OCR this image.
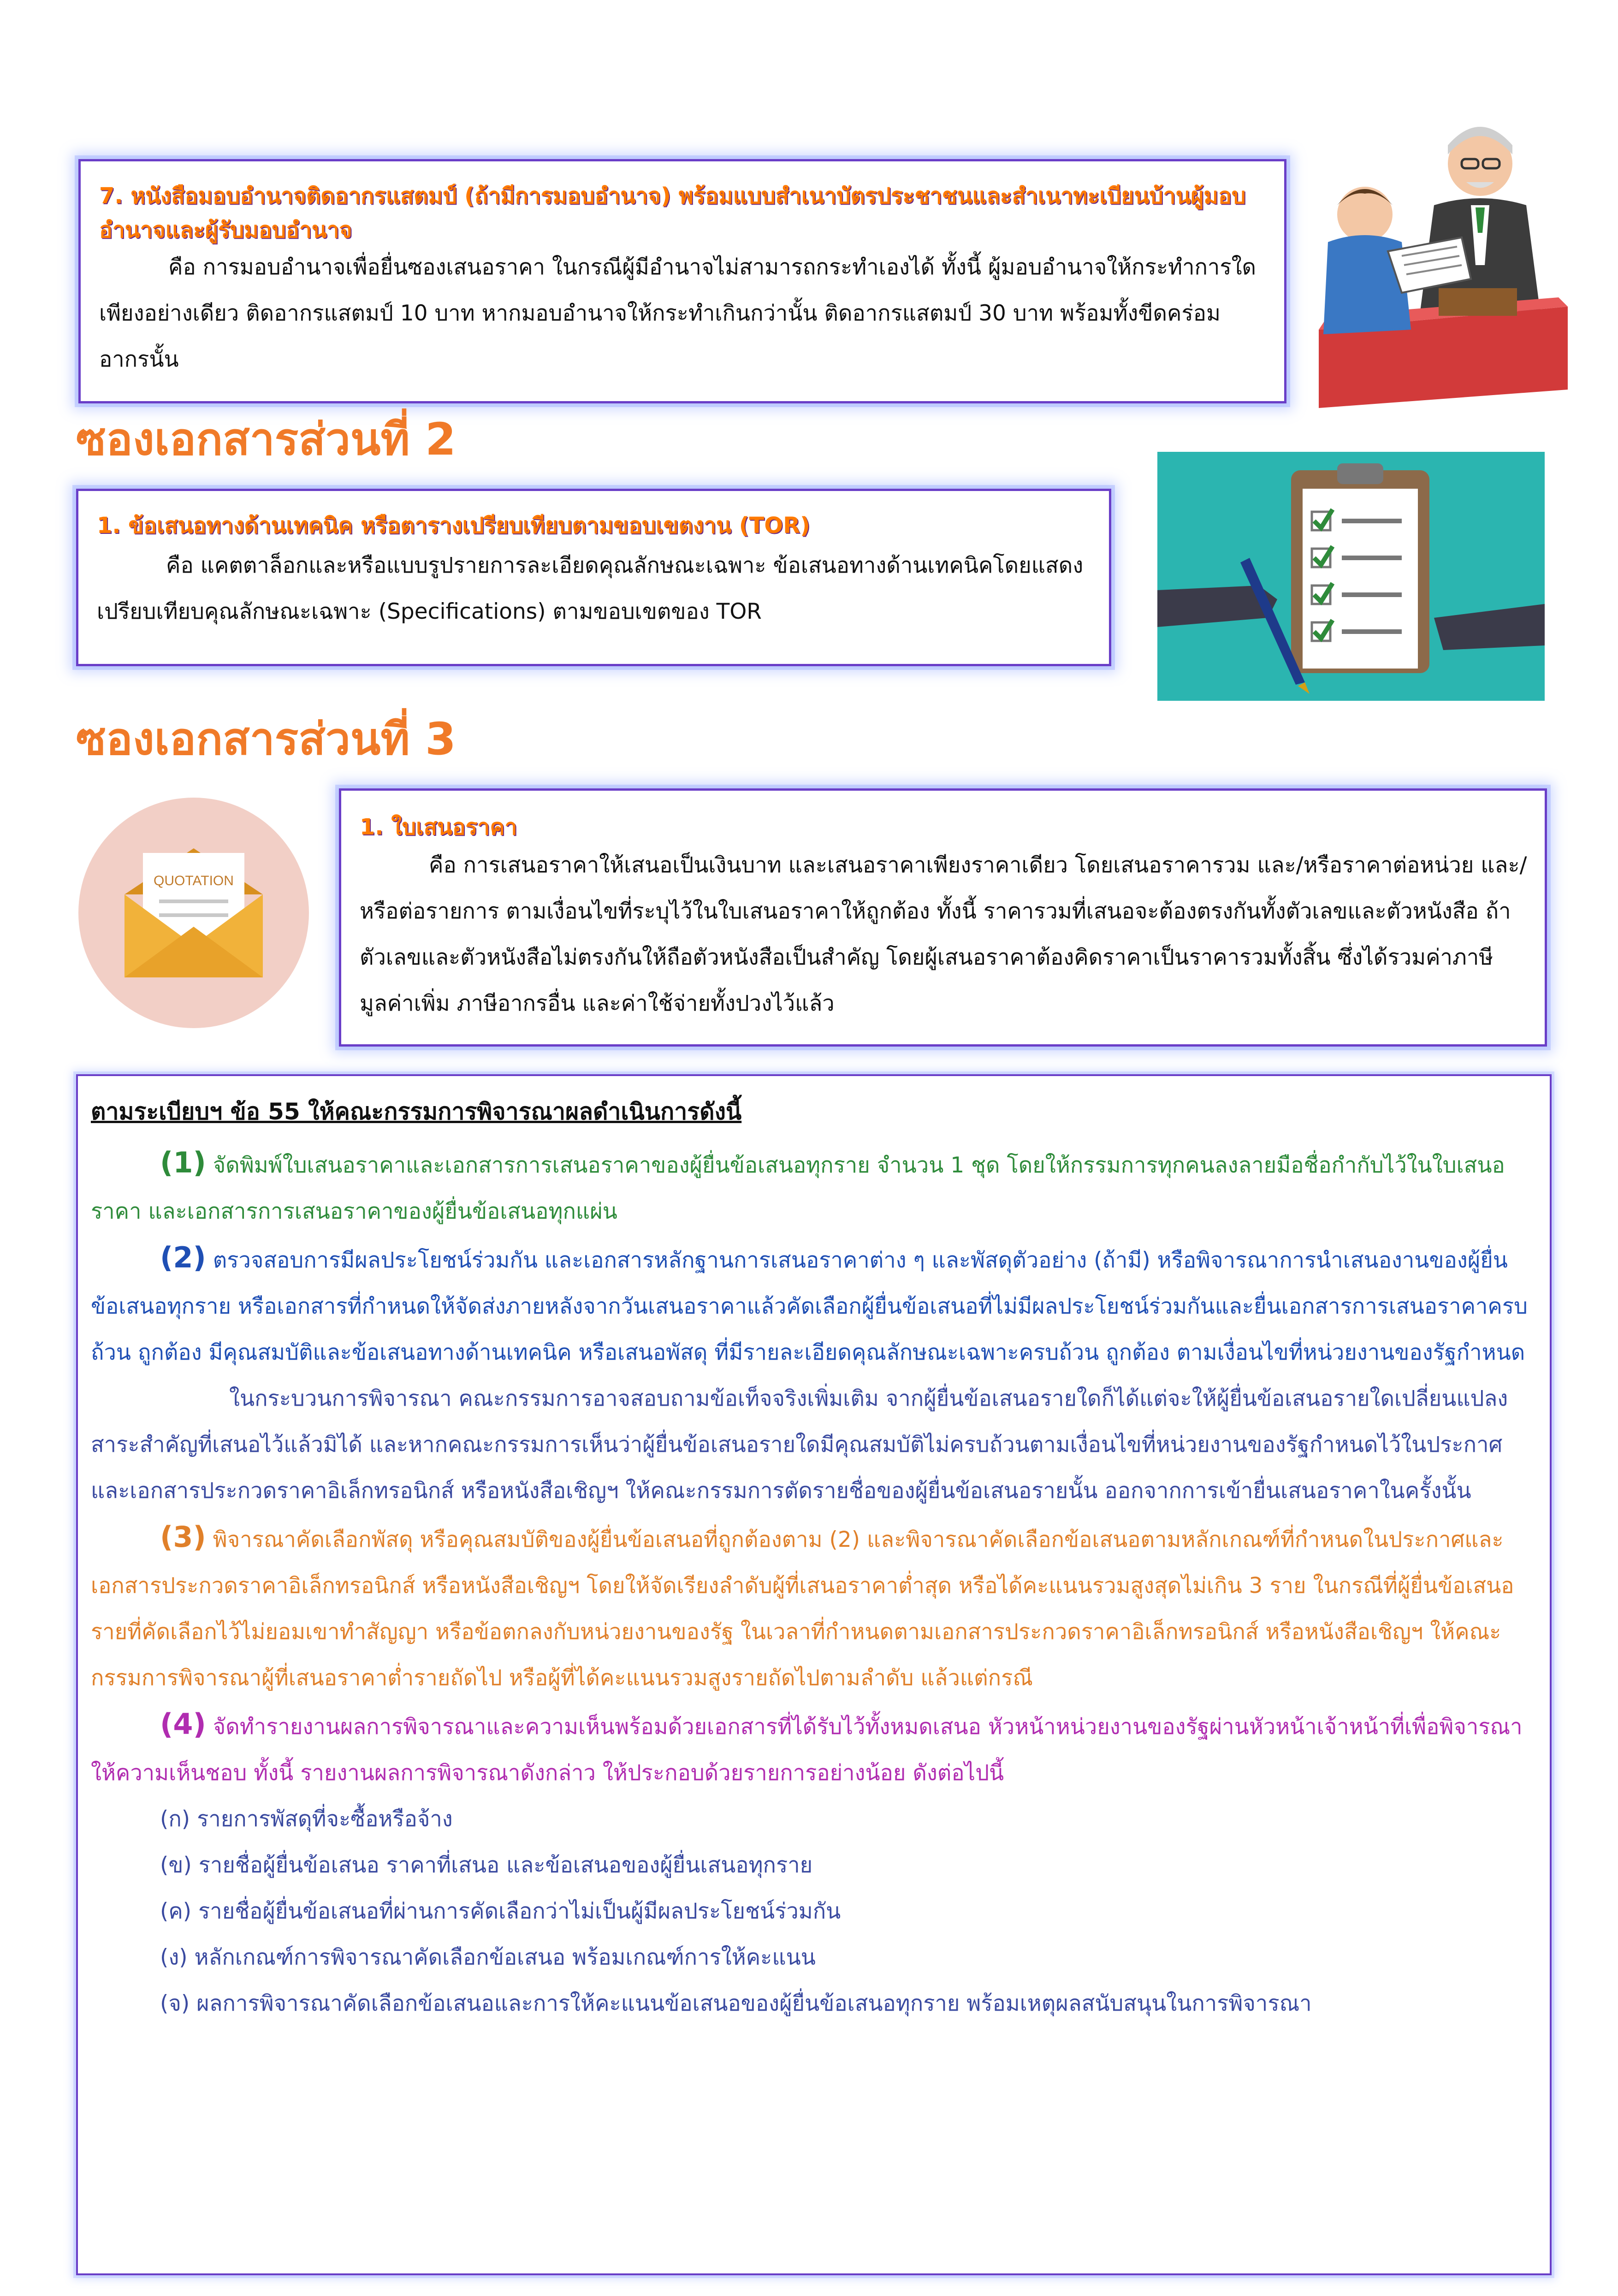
7. หนังสือมอบอำนาจติดอากรแสตมป์ (ถ้ามีการมอบอำนาจ) พร้อมแบบสำเนาบัตรประชาชนและสำเนาทะเบียนบ้านผู้มอบอำนาจและผู้รับมอบอำนาจ
คือ การมอบอำนาจเพื่อยื่นซองเสนอราคา ในกรณีผู้มีอำนาจไม่สามารถกระทำเองได้ ทั้งนี้ ผู้มอบอำนาจให้กระทำการใดเพียงอย่างเดียว ติดอากรแสตมป์ 10 บาท หากมอบอำนาจให้กระทำเกินกว่านั้น ติดอากรแสตมป์ 30 บาท พร้อมทั้งขีดคร่อมอากรนั้น
ซองเอกสารส่วนที่ 2
1. ข้อเสนอทางด้านเทคนิค หรือตารางเปรียบเทียบตามขอบเขตงาน (TOR)
คือ แคตตาล็อกและหรือแบบรูปรายการละเอียดคุณลักษณะเฉพาะ ข้อเสนอทางด้านเทคนิคโดยแสดงเปรียบเทียบคุณลักษณะเฉพาะ (Specifications) ตามขอบเขตของ TOR
ซองเอกสารส่วนที่ 3
QUOTATION
1. ใบเสนอราคา
คือ การเสนอราคาให้เสนอเป็นเงินบาท และเสนอราคาเพียงราคาเดียว โดยเสนอราคารวม และ/หรือราคาต่อหน่วย และ/หรือต่อรายการ ตามเงื่อนไขที่ระบุไว้ในใบเสนอราคาให้ถูกต้อง ทั้งนี้ ราคารวมที่เสนอจะต้องตรงกันทั้งตัวเลขและตัวหนังสือ ถ้าตัวเลขและตัวหนังสือไม่ตรงกันให้ถือตัวหนังสือเป็นสำคัญ โดยผู้เสนอราคาต้องคิดราคาเป็นราคารวมทั้งสิ้น ซึ่งได้รวมค่าภาษีมูลค่าเพิ่ม ภาษีอากรอื่น และค่าใช้จ่ายทั้งปวงไว้แล้ว

ตามระเบียบฯ ข้อ 55 ให้คณะกรรมการพิจารณาผลดำเนินการดังนี้

(1) จัดพิมพ์ใบเสนอราคาและเอกสารการเสนอราคาของผู้ยื่นข้อเสนอทุกราย จำนวน 1 ชุด โดยให้กรรมการทุกคนลงลายมือชื่อกำกับไว้ในใบเสนอราคา และเอกสารการเสนอราคาของผู้ยื่นข้อเสนอทุกแผ่น

(2) ตรวจสอบการมีผลประโยชน์ร่วมกัน และเอกสารหลักฐานการเสนอราคาต่าง ๆ และพัสดุตัวอย่าง (ถ้ามี) หรือพิจารณาการนำเสนองานของผู้ยื่นข้อเสนอทุกราย หรือเอกสารที่กำหนดให้จัดส่งภายหลังจากวันเสนอราคาแล้วคัดเลือกผู้ยื่นข้อเสนอที่ไม่มีผลประโยชน์ร่วมกันและยื่นเอกสารการเสนอราคาครบถ้วน ถูกต้อง มีคุณสมบัติและข้อเสนอทางด้านเทคนิค หรือเสนอพัสดุ ที่มีรายละเอียดคุณลักษณะเฉพาะครบถ้วน ถูกต้อง ตามเงื่อนไขที่หน่วยงานของรัฐกำหนด

ในกระบวนการพิจารณา คณะกรรมการอาจสอบถามข้อเท็จจริงเพิ่มเติม จากผู้ยื่นข้อเสนอรายใดก็ได้แต่จะให้ผู้ยื่นข้อเสนอรายใดเปลี่ยนแปลงสาระสำคัญที่เสนอไว้แล้วมิได้ และหากคณะกรรมการเห็นว่าผู้ยื่นข้อเสนอรายใดมีคุณสมบัติไม่ครบถ้วนตามเงื่อนไขที่หน่วยงานของรัฐกำหนดไว้ในประกาศและเอกสารประกวดราคาอิเล็กทรอนิกส์ หรือหนังสือเชิญฯ ให้คณะกรรมการตัดรายชื่อของผู้ยื่นข้อเสนอรายนั้น ออกจากการเข้ายื่นเสนอราคาในครั้งนั้น

(3) พิจารณาคัดเลือกพัสดุ หรือคุณสมบัติของผู้ยื่นข้อเสนอที่ถูกต้องตาม (2) และพิจารณาคัดเลือกข้อเสนอตามหลักเกณฑ์ที่กำหนดในประกาศและเอกสารประกวดราคาอิเล็กทรอนิกส์ หรือหนังสือเชิญฯ โดยให้จัดเรียงลำดับผู้ที่เสนอราคาต่ำสุด หรือได้คะแนนรวมสูงสุดไม่เกิน 3 ราย ในกรณีที่ผู้ยื่นข้อเสนอรายที่คัดเลือกไว้ไม่ยอมเขาทำสัญญา หรือข้อตกลงกับหน่วยงานของรัฐ ในเวลาที่กำหนดตามเอกสารประกวดราคาอิเล็กทรอนิกส์ หรือหนังสือเชิญฯ ให้คณะกรรมการพิจารณาผู้ที่เสนอราคาต่ำรายถัดไป หรือผู้ที่ได้คะแนนรวมสูงรายถัดไปตามลำดับ แล้วแต่กรณี

(4) จัดทำรายงานผลการพิจารณาและความเห็นพร้อมด้วยเอกสารที่ได้รับไว้ทั้งหมดเสนอ หัวหน้าหน่วยงานของรัฐผ่านหัวหน้าเจ้าหน้าที่เพื่อพิจารณาให้ความเห็นชอบ ทั้งนี้ รายงานผลการพิจารณาดังกล่าว ให้ประกอบด้วยรายการอย่างน้อย ดังต่อไปนี้

(ก) รายการพัสดุที่จะซื้อหรือจ้าง
(ข) รายชื่อผู้ยื่นข้อเสนอ ราคาที่เสนอ และข้อเสนอของผู้ยื่นเสนอทุกราย
(ค) รายชื่อผู้ยื่นข้อเสนอที่ผ่านการคัดเลือกว่าไม่เป็นผู้มีผลประโยชน์ร่วมกัน
(ง) หลักเกณฑ์การพิจารณาคัดเลือกข้อเสนอ พร้อมเกณฑ์การให้คะแนน
(จ) ผลการพิจารณาคัดเลือกข้อเสนอและการให้คะแนนข้อเสนอของผู้ยื่นข้อเสนอทุกราย พร้อมเหตุผลสนับสนุนในการพิจารณา
